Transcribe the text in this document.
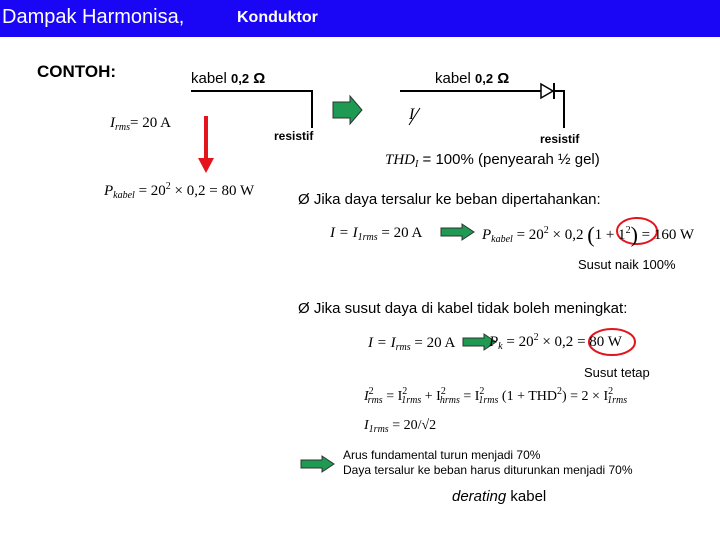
Dampak Harmonisa,	Konduktor
CONTOH:	kabel 0,2 Ω
$I_{rms}= 20$ A
resistif
kabel 0,2 Ω
I
resistif
$THD_I = 100\%$ (penyearah ½ gel)
$P_{kabel} = 20^2 \times 0,2 = 80$ W	Ø Jika daya tersalur ke beban dipertahankan:
$I = I_{1rms} = 20$ A	$P_{kabel} = 20^2 \times 0,2$ $(1 + 1^2) = 160$ W
Susut naik 100%
Ø Jika susut daya di kabel tidak boleh meningkat:
$I = I_{rms} = 20$ A $P_k = 20^2 \times 0,2 = 80$ W
Susut tetap
$I^2_{rms} = I^2_{1rms} + I^2_{hrms} = I^2_{1rms}$ $(1 + THD^2) = 2 \times I^2_{1rms}$
$I_{1rms} = 20/√2$
Arus fundamental turun menjadi 70%
Daya tersalur ke beban harus diturunkan menjadi 70%
derating kabel
